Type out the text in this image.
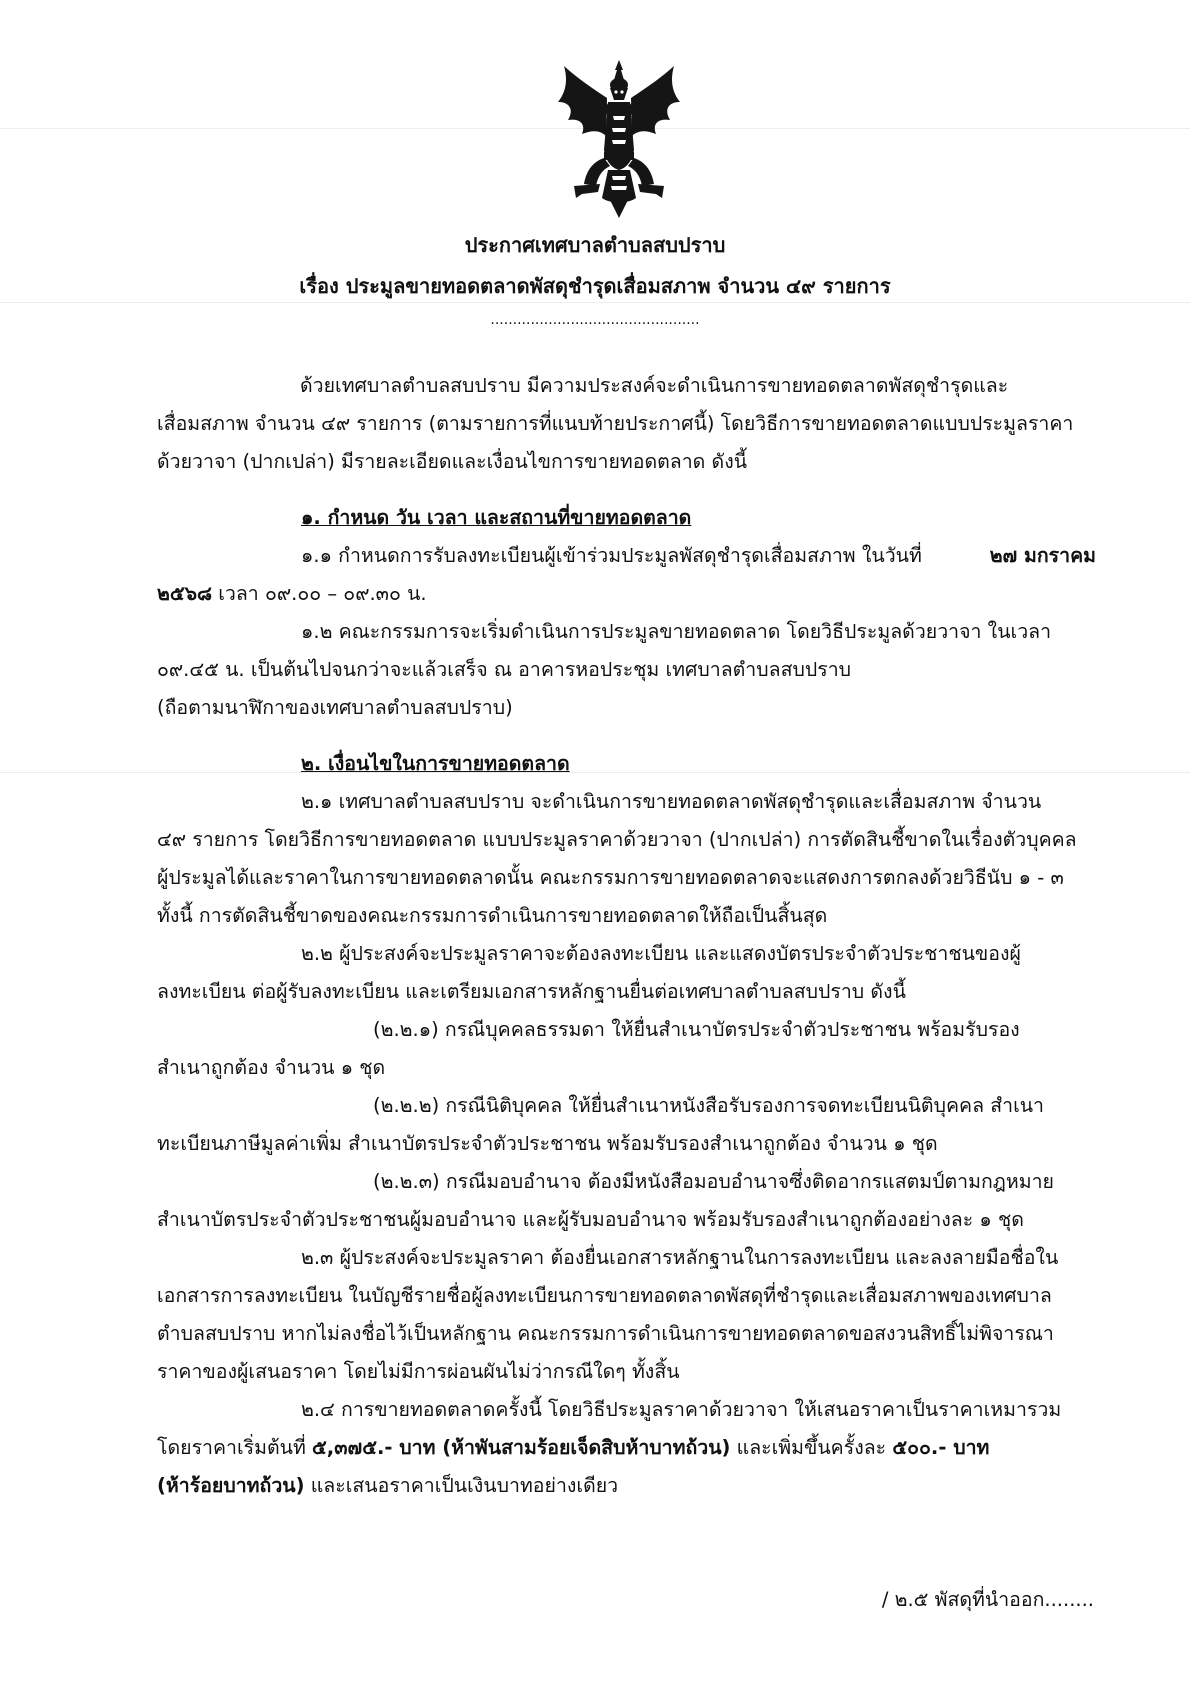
ประกาศเทศบาลตำบลสบปราบ
เรื่อง ประมูลขายทอดตลาดพัสดุชำรุดเสื่อมสภาพ จำนวน ๔๙ รายการ
...............................................
ด้วยเทศบาลตำบลสบปราบ มีความประสงค์จะดำเนินการขายทอดตลาดพัสดุชำรุดและ
เสื่อมสภาพ จำนวน ๔๙ รายการ (ตามรายการที่แนบท้ายประกาศนี้) โดยวิธีการขายทอดตลาดแบบประมูลราคา
ด้วยวาจา (ปากเปล่า) มีรายละเอียดและเงื่อนไขการขายทอดตลาด ดังนี้
๑. กำหนด วัน เวลา และสถานที่ขายทอดตลาด
๑.๑ กำหนดการรับลงทะเบียนผู้เข้าร่วมประมูลพัสดุชำรุดเสื่อมสภาพ ในวันที่	๒๗ มกราคม
๒๕๖๘ เวลา ๐๙.๐๐ – ๐๙.๓๐ น.
๑.๒ คณะกรรมการจะเริ่มดำเนินการประมูลขายทอดตลาด โดยวิธีประมูลด้วยวาจา ในเวลา
๐๙.๔๕ น. เป็นต้นไปจนกว่าจะแล้วเสร็จ ณ อาคารหอประชุม เทศบาลตำบลสบปราบ
(ถือตามนาฬิกาของเทศบาลตำบลสบปราบ)
๒. เงื่อนไขในการขายทอดตลาด
๒.๑ เทศบาลตำบลสบปราบ จะดำเนินการขายทอดตลาดพัสดุชำรุดและเสื่อมสภาพ จำนวน
๔๙ รายการ โดยวิธีการขายทอดตลาด แบบประมูลราคาด้วยวาจา (ปากเปล่า) การตัดสินชี้ขาดในเรื่องตัวบุคคล
ผู้ประมูลได้และราคาในการขายทอดตลาดนั้น คณะกรรมการขายทอดตลาดจะแสดงการตกลงด้วยวิธีนับ ๑ - ๓
ทั้งนี้ การตัดสินชี้ขาดของคณะกรรมการดำเนินการขายทอดตลาดให้ถือเป็นสิ้นสุด
๒.๒ ผู้ประสงค์จะประมูลราคาจะต้องลงทะเบียน และแสดงบัตรประจำตัวประชาชนของผู้
ลงทะเบียน ต่อผู้รับลงทะเบียน และเตรียมเอกสารหลักฐานยื่นต่อเทศบาลตำบลสบปราบ ดังนี้
(๒.๒.๑) กรณีบุคคลธรรมดา ให้ยื่นสำเนาบัตรประจำตัวประชาชน พร้อมรับรอง
สำเนาถูกต้อง จำนวน ๑ ชุด
(๒.๒.๒) กรณีนิติบุคคล ให้ยื่นสำเนาหนังสือรับรองการจดทะเบียนนิติบุคคล สำเนา
ทะเบียนภาษีมูลค่าเพิ่ม สำเนาบัตรประจำตัวประชาชน พร้อมรับรองสำเนาถูกต้อง จำนวน ๑ ชุด
(๒.๒.๓) กรณีมอบอำนาจ ต้องมีหนังสือมอบอำนาจซึ่งติดอากรแสตมป์ตามกฎหมาย
สำเนาบัตรประจำตัวประชาชนผู้มอบอำนาจ และผู้รับมอบอำนาจ พร้อมรับรองสำเนาถูกต้องอย่างละ ๑ ชุด
๒.๓ ผู้ประสงค์จะประมูลราคา ต้องยื่นเอกสารหลักฐานในการลงทะเบียน และลงลายมือชื่อใน
เอกสารการลงทะเบียน ในบัญชีรายชื่อผู้ลงทะเบียนการขายทอดตลาดพัสดุที่ชำรุดและเสื่อมสภาพของเทศบาล
ตำบลสบปราบ หากไม่ลงชื่อไว้เป็นหลักฐาน คณะกรรมการดำเนินการขายทอดตลาดขอสงวนสิทธิ์ไม่พิจารณา
ราคาของผู้เสนอราคา โดยไม่มีการผ่อนผันไม่ว่ากรณีใดๆ ทั้งสิ้น
๒.๔ การขายทอดตลาดครั้งนี้ โดยวิธีประมูลราคาด้วยวาจา ให้เสนอราคาเป็นราคาเหมารวม
โดยราคาเริ่มต้นที่ ๕,๓๗๕.- บาท (ห้าพันสามร้อยเจ็ดสิบห้าบาทถ้วน) และเพิ่มขึ้นครั้งละ ๕๐๐.- บาท
(ห้าร้อยบาทถ้วน) และเสนอราคาเป็นเงินบาทอย่างเดียว
/ ๒.๕ พัสดุที่นำออก........
